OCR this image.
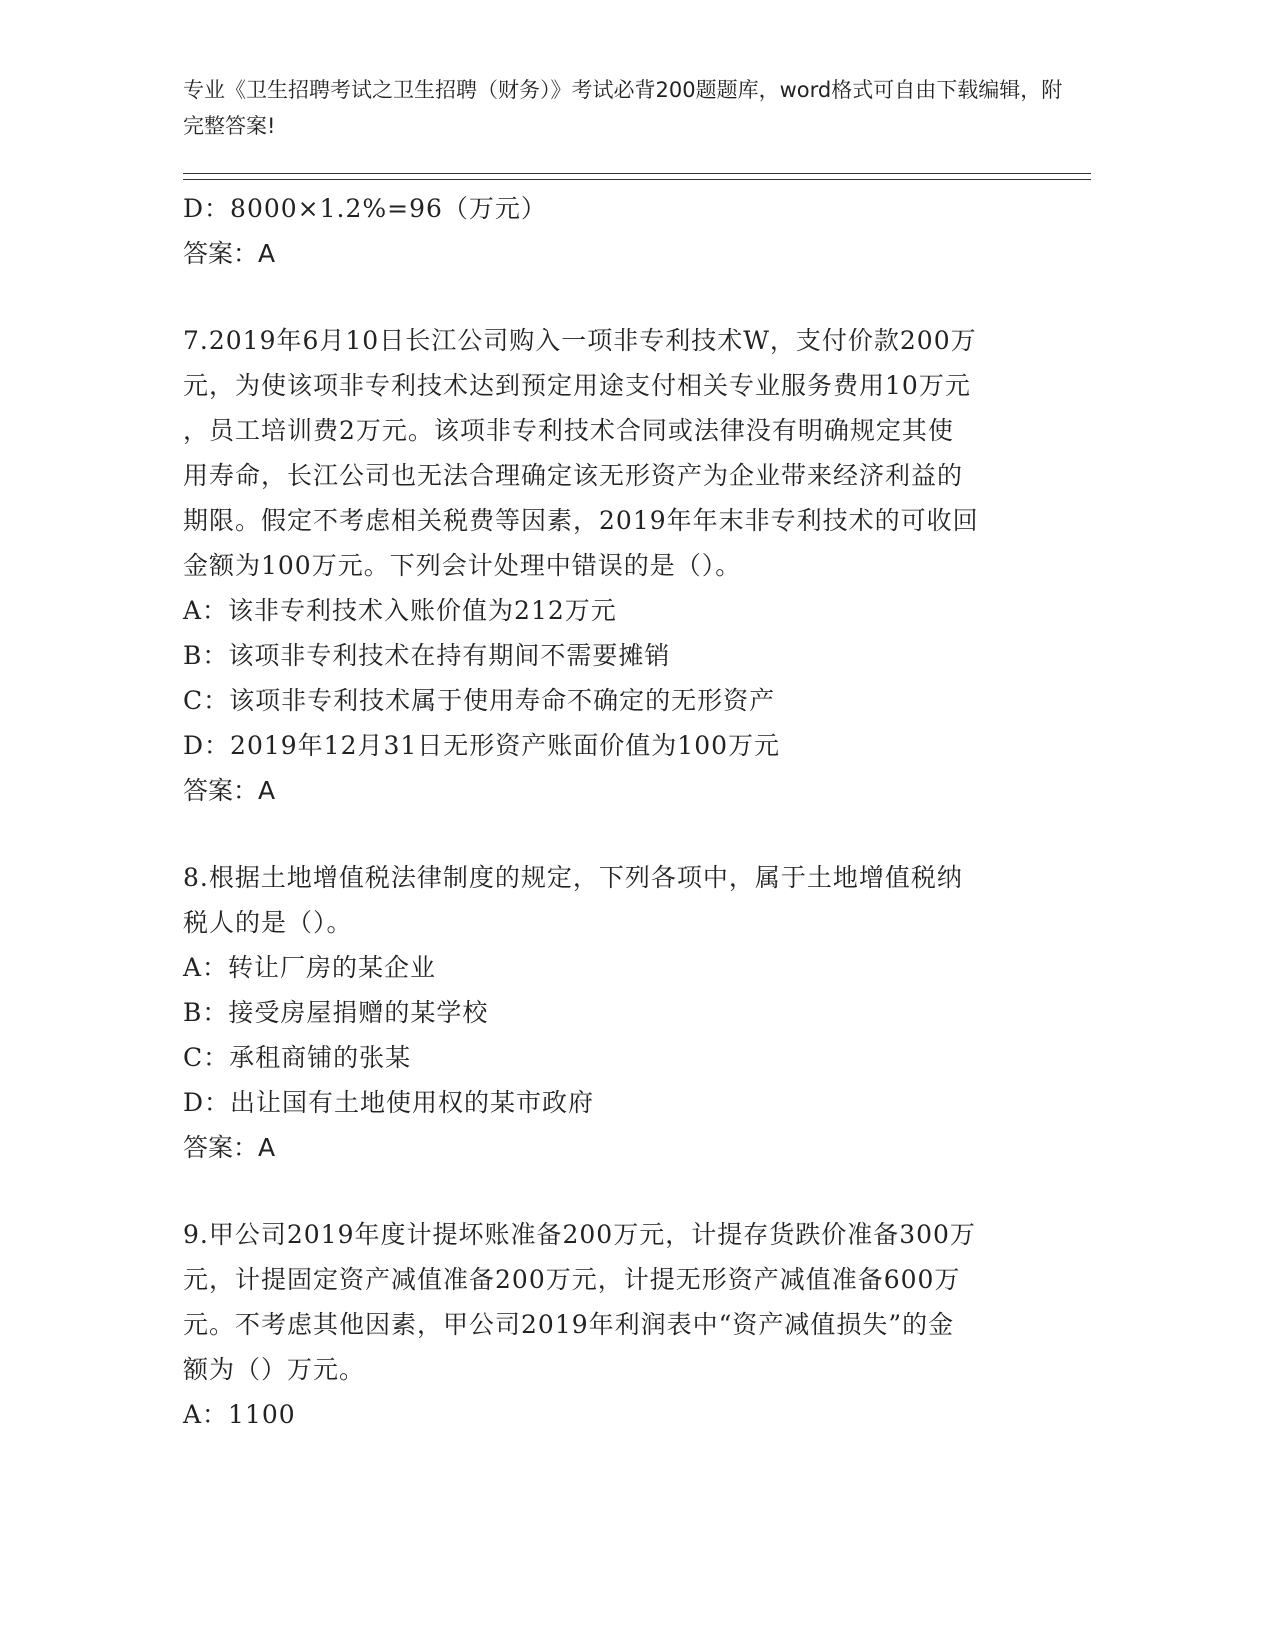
专业《卫生招聘考试之卫生招聘（财务）》考试必背200题题库，word格式可自由下载编辑，附完整答案!
D：8000×1.2%=96（万元）
答案：A
7.2019年6月10日长江公司购入一项非专利技术W，支付价款200万
元，为使该项非专利技术达到预定用途支付相关专业服务费用10万元
，员工培训费2万元。该项非专利技术合同或法律没有明确规定其使
用寿命，长江公司也无法合理确定该无形资产为企业带来经济利益的
期限。假定不考虑相关税费等因素，2019年年末非专利技术的可收回
金额为100万元。下列会计处理中错误的是（）。
A：该非专利技术入账价值为212万元
B：该项非专利技术在持有期间不需要摊销
C：该项非专利技术属于使用寿命不确定的无形资产
D：2019年12月31日无形资产账面价值为100万元
答案：A
8.根据土地增值税法律制度的规定，下列各项中，属于土地增值税纳
税人的是（）。
A：转让厂房的某企业
B：接受房屋捐赠的某学校
C：承租商铺的张某
D：出让国有土地使用权的某市政府
答案：A
9.甲公司2019年度计提坏账准备200万元，计提存货跌价准备300万
元，计提固定资产减值准备200万元，计提无形资产减值准备600万
元。不考虑其他因素，甲公司2019年利润表中“资产减值损失”的金
额为（）万元。
A：1100
